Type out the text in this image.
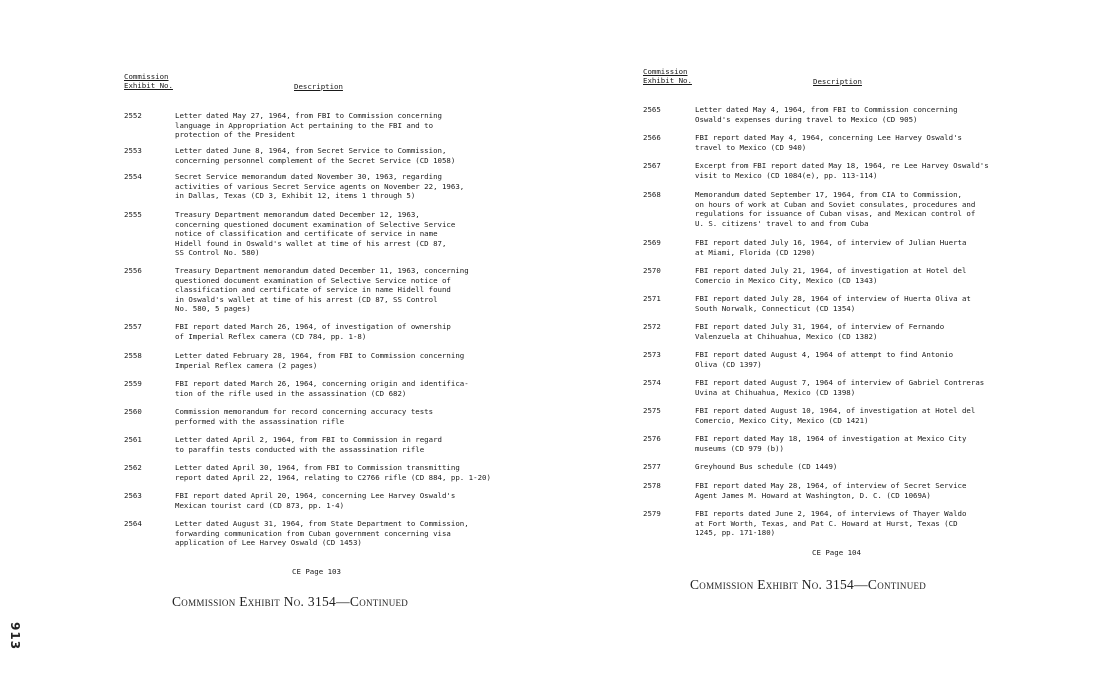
913
Commission
Exhibit No.	Description
2552	Letter dated May 27, 1964, from FBI to Commission concerning
language in Appropriation Act pertaining to the FBI and to
protection of the President
2553	Letter dated June 8, 1964, from Secret Service to Commission,
concerning personnel complement of the Secret Service (CD 1058)
2554	Secret Service memorandum dated November 30, 1963, regarding
activities of various Secret Service agents on November 22, 1963,
in Dallas, Texas (CD 3, Exhibit 12, items 1 through 5)
2555	Treasury Department memorandum dated December 12, 1963,
concerning questioned document examination of Selective Service
notice of classification and certificate of service in name
Hidell found in Oswald's wallet at time of his arrest (CD 87,
SS Control No. 580)
2556	Treasury Department memorandum dated December 11, 1963, concerning
questioned document examination of Selective Service notice of
classification and certificate of service in name Hidell found
in Oswald's wallet at time of his arrest (CD 87, SS Control
No. 580, 5 pages)
2557	FBI report dated March 26, 1964, of investigation of ownership
of Imperial Reflex camera (CD 784, pp. 1-8)
2558	Letter dated February 28, 1964, from FBI to Commission concerning
Imperial Reflex camera (2 pages)
2559	FBI report dated March 26, 1964, concerning origin and identifica-
tion of the rifle used in the assassination (CD 682)
2560	Commission memorandum for record concerning accuracy tests
performed with the assassination rifle
2561	Letter dated April 2, 1964, from FBI to Commission in regard
to paraffin tests conducted with the assassination rifle
2562	Letter dated April 30, 1964, from FBI to Commission transmitting
report dated April 22, 1964, relating to C2766 rifle (CD 884, pp. 1-20)
2563	FBI report dated April 20, 1964, concerning Lee Harvey Oswald's
Mexican tourist card (CD 873, pp. 1-4)
2564	Letter dated August 31, 1964, from State Department to Commission,
forwarding communication from Cuban government concerning visa
application of Lee Harvey Oswald (CD 1453)
CE Page 103
Commission Exhibit No. 3154—Continued
Commission
Exhibit No.	Description
2565	Letter dated May 4, 1964, from FBI to Commission concerning
Oswald's expenses during travel to Mexico (CD 905)
2566	FBI report dated May 4, 1964, concerning Lee Harvey Oswald's
travel to Mexico (CD 940)
2567	Excerpt from FBI report dated May 18, 1964, re Lee Harvey Oswald's
visit to Mexico (CD 1084(e), pp. 113-114)
2568	Memorandum dated September 17, 1964, from CIA to Commission,
on hours of work at Cuban and Soviet consulates, procedures and
regulations for issuance of Cuban visas, and Mexican control of
U. S. citizens' travel to and from Cuba
2569	FBI report dated July 16, 1964, of interview of Julian Huerta
at Miami, Florida (CD 1290)
2570	FBI report dated July 21, 1964, of investigation at Hotel del
Comercio in Mexico City, Mexico (CD 1343)
2571	FBI report dated July 28, 1964 of interview of Huerta Oliva at
South Norwalk, Connecticut (CD 1354)
2572	FBI report dated July 31, 1964, of interview of Fernando
Valenzuela at Chihuahua, Mexico (CD 1382)
2573	FBI report dated August 4, 1964 of attempt to find Antonio
Oliva (CD 1397)
2574	FBI report dated August 7, 1964 of interview of Gabriel Contreras
Uvina at Chihuahua, Mexico (CD 1398)
2575	FBI report dated August 10, 1964, of investigation at Hotel del
Comercio, Mexico City, Mexico (CD 1421)
2576	FBI report dated May 18, 1964 of investigation at Mexico City
museums (CD 979 (b))
2577	Greyhound Bus schedule (CD 1449)
2578	FBI report dated May 28, 1964, of interview of Secret Service
Agent James M. Howard at Washington, D. C. (CD 1069A)
2579	FBI reports dated June 2, 1964, of interviews of Thayer Waldo
at Fort Worth, Texas, and Pat C. Howard at Hurst, Texas (CD
1245, pp. 171-180)
CE Page 104
Commission Exhibit No. 3154—Continued
